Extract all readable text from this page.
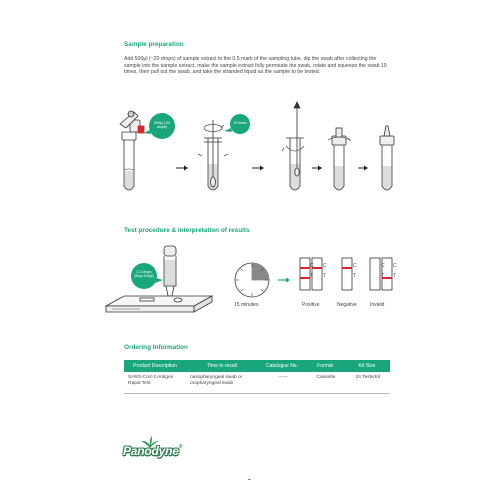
Sample preparation
Add 500μl (~20 drops) of sample extract to the 0.5 mark of the sampling tube, dip the swab after collecting the sample into the sample extract, make the sample extract fully permeate the swab, rotate and squeeze the swab 10 times, then pull out the swab, and take the stranded liquid as the sample to be tested.
500μl (-20 drops)
10 times
Test procedure & interpretation of results
2-3 drops (60μl-100μl)
C
T
C
T
C
T
C
T
C
T
15 minutes	Positive	Negative	Invalid
Ordering Information
Product Description	Time to result	Catalogue No.	Format	Kit Size
SARS-CoV-2 Antigen Rapid Test	nasopharyngeal swab or oropharyngeal swab	------	Cassette	24 Tests/Kit
Panodyne®
